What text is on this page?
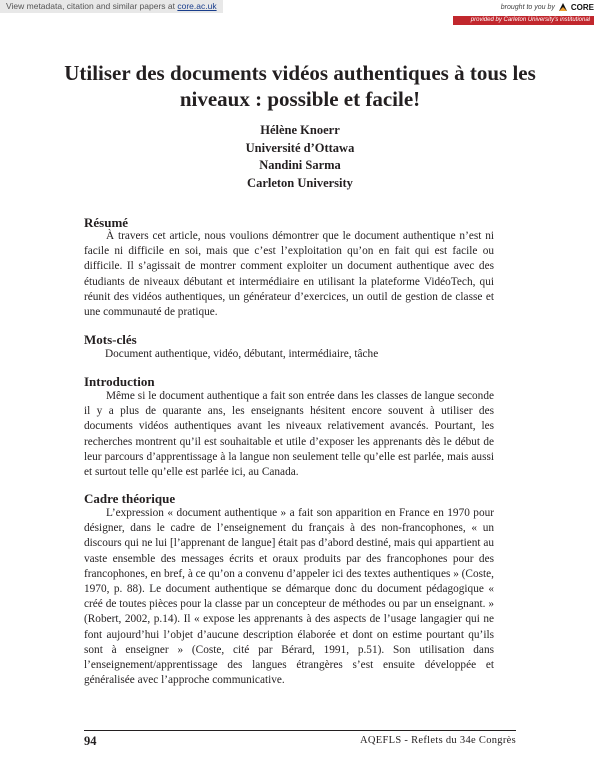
View metadata, citation and similar papers at core.ac.uk	brought to you by CORE
provided by Carleton University's institutional
Utiliser des documents vidéos authentiques à tous les niveaux : possible et facile!
Hélène Knoerr
Université d’Ottawa
Nandini Sarma
Carleton University
Résumé

À travers cet article, nous voulions démontrer que le document authentique n’est ni facile ni difficile en soi, mais que c’est l’exploitation qu’on en fait qui est facile ou difficile. Il s’agissait de montrer comment exploiter un document authentique avec des étudiants de niveaux débutant et intermédiaire en utilisant la plateforme VidéoTech, qui réunit des vidéos authentiques, un générateur d’exercices, un outil de gestion de classe et une communauté de pratique.

Mots-clés

Document authentique, vidéo, débutant, intermédiaire, tâche

Introduction

Même si le document authentique a fait son entrée dans les classes de langue seconde il y a plus de quarante ans, les enseignants hésitent encore souvent à utiliser des documents vidéos authentiques avant les niveaux relativement avancés. Pourtant, les recherches montrent qu’il est souhaitable et utile d’exposer les apprenants dès le début de leur parcours d’apprentissage à la langue non seulement telle qu’elle est parlée, mais aussi et surtout telle qu’elle est parlée ici, au Canada.

Cadre théorique

L’expression « document authentique » a fait son apparition en France en 1970 pour désigner, dans le cadre de l’enseignement du français à des non-francophones, « un discours qui ne lui [l’apprenant de langue] était pas d’abord destiné, mais qui appartient au vaste ensemble des messages écrits et oraux produits par des francophones pour des francophones, en bref, à ce qu’on a convenu d’appeler ici des textes authentiques » (Coste, 1970, p. 88). Le document authentique se démarque donc du document pédagogique « créé de toutes pièces pour la classe par un concepteur de méthodes ou par un enseignant. » (Robert, 2002, p.14). Il « expose les apprenants à des aspects de l’usage langagier qui ne font aujourd’hui l’objet d’aucune description élaborée et dont on estime pourtant qu’ils sont à enseigner » (Coste, cité par Bérard, 1991, p.51). Son utilisation dans l’enseignement/apprentissage des langues étrangères s’est ensuite développée et généralisée avec l’approche communicative.

94	AQEFLS - Reflets du 34e Congrès
